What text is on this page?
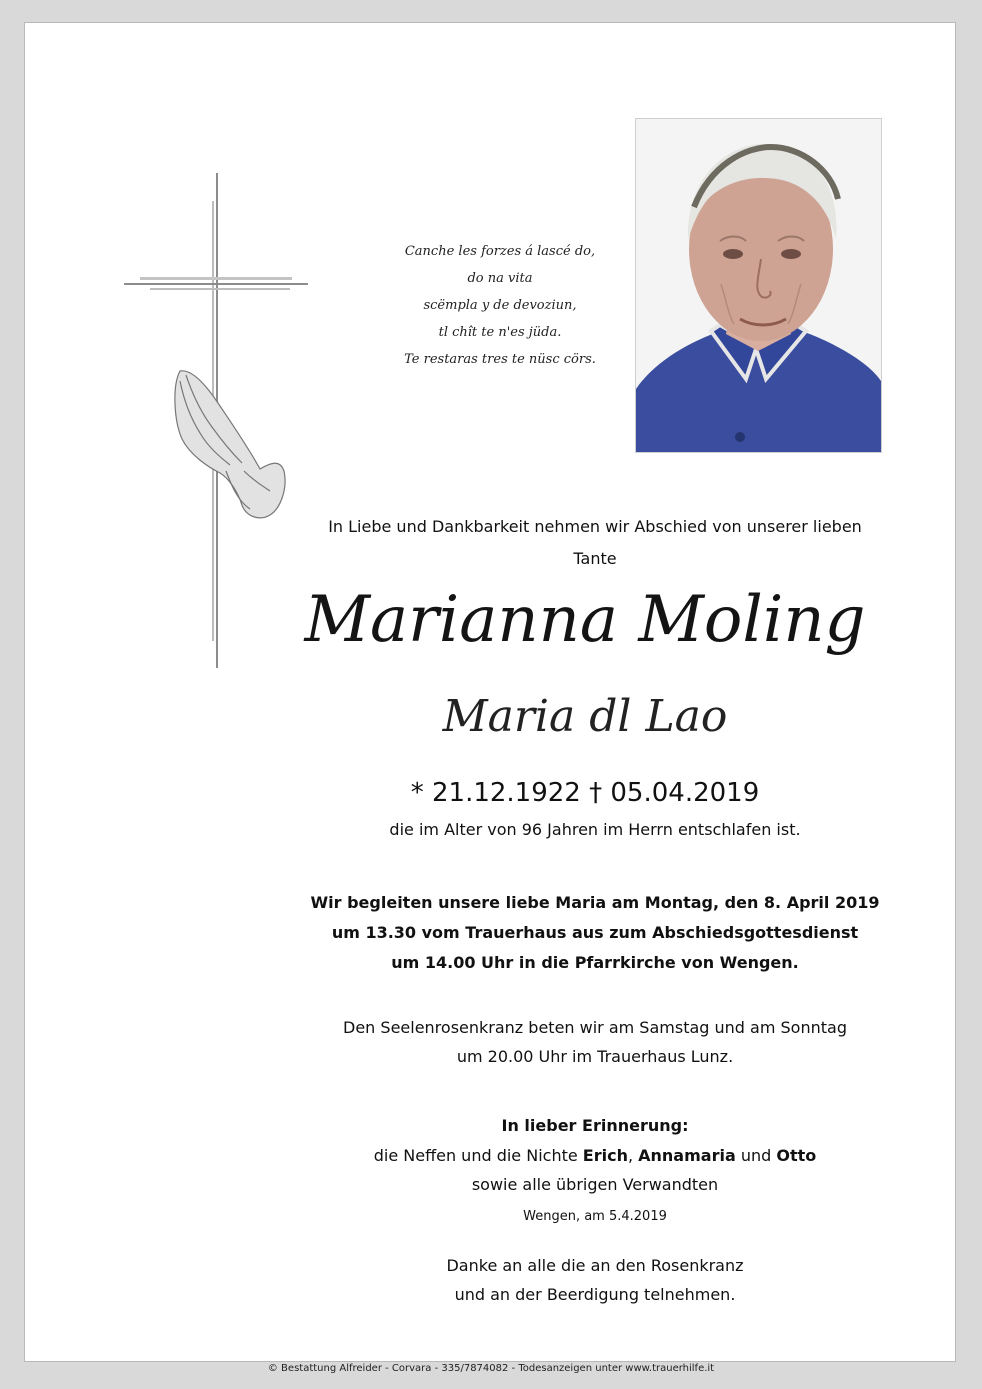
Canche les forzes á lascé do,
do na vita
scëmpla y de devoziun,
tl chît te n'es jüda.
Te restaras tres te nüsc cörs.
In Liebe und Dankbarkeit nehmen wir Abschied von unserer lieben
Tante
Marianna Moling
Maria dl Lao
* 21.12.1922 † 05.04.2019
die im Alter von 96 Jahren im Herrn entschlafen ist.
Wir begleiten unsere liebe Maria am Montag, den 8. April 2019
um 13.30 vom Trauerhaus aus zum Abschiedsgottesdienst
um 14.00 Uhr in die Pfarrkirche von Wengen.
Den Seelenrosenkranz beten wir am Samstag und am Sonntag
um 20.00 Uhr im Trauerhaus Lunz.
In lieber Erinnerung:
die Neffen und die Nichte Erich, Annamaria und Otto
sowie alle übrigen Verwandten
Wengen, am 5.4.2019
Danke an alle die an den Rosenkranz
und an der Beerdigung telnehmen.
© Bestattung Alfreider - Corvara - 335/7874082 - Todesanzeigen unter www.trauerhilfe.it
